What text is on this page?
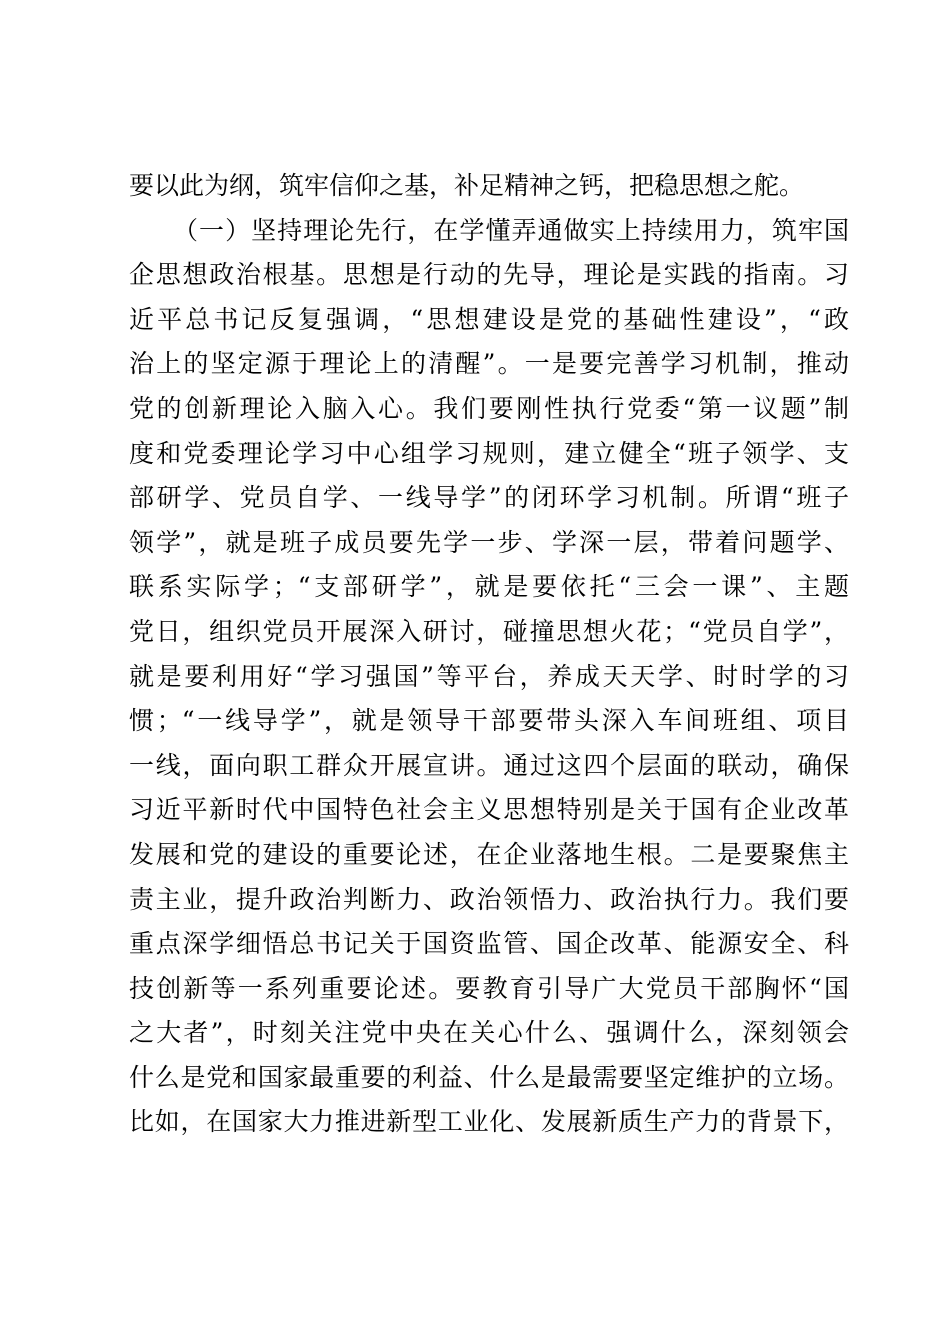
要以此为纲，筑牢信仰之基，补足精神之钙，把稳思想之舵。
（一）坚持理论先行，在学懂弄通做实上持续用力，筑牢国
企思想政治根基。思想是行动的先导，理论是实践的指南。习
近平总书记反复强调，“思想建设是党的基础性建设”，“政
治上的坚定源于理论上的清醒”。一是要完善学习机制，推动
党的创新理论入脑入心。我们要刚性执行党委“第一议题”制
度和党委理论学习中心组学习规则，建立健全“班子领学、支
部研学、党员自学、一线导学”的闭环学习机制。所谓“班子
领学”，就是班子成员要先学一步、学深一层，带着问题学、
联系实际学；“支部研学”，就是要依托“三会一课”、主题
党日，组织党员开展深入研讨，碰撞思想火花；“党员自学”，
就是要利用好“学习强国”等平台，养成天天学、时时学的习
惯；“一线导学”，就是领导干部要带头深入车间班组、项目
一线，面向职工群众开展宣讲。通过这四个层面的联动，确保
习近平新时代中国特色社会主义思想特别是关于国有企业改革
发展和党的建设的重要论述，在企业落地生根。二是要聚焦主
责主业，提升政治判断力、政治领悟力、政治执行力。我们要
重点深学细悟总书记关于国资监管、国企改革、能源安全、科
技创新等一系列重要论述。要教育引导广大党员干部胸怀“国
之大者”，时刻关注党中央在关心什么、强调什么，深刻领会
什么是党和国家最重要的利益、什么是最需要坚定维护的立场。
比如，在国家大力推进新型工业化、发展新质生产力的背景下，
